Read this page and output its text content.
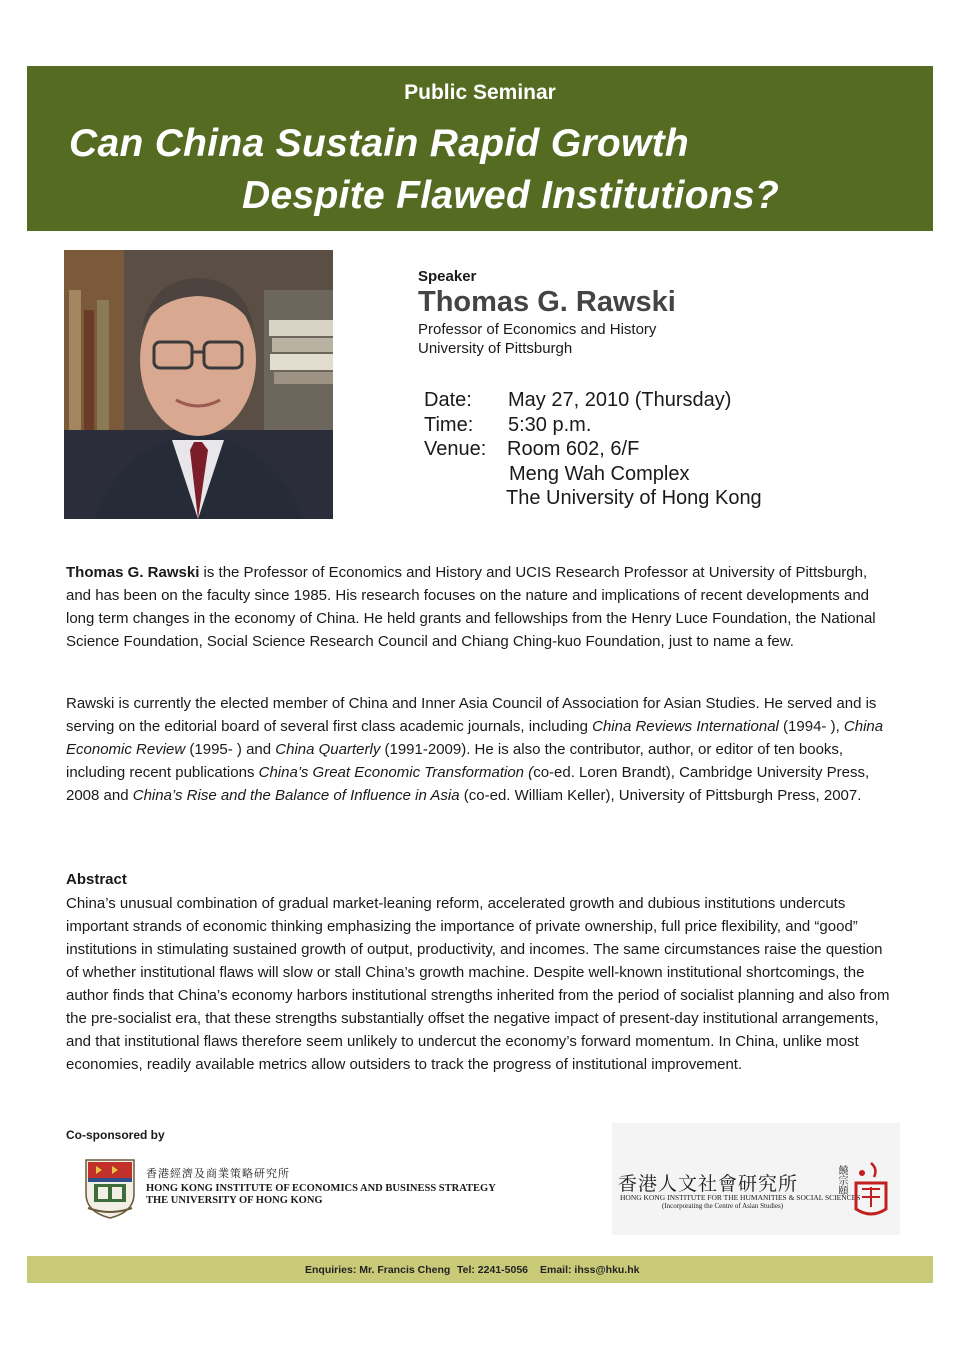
Public Seminar
Can China Sustain Rapid Growth
Despite Flawed Institutions?
Speaker
Thomas G. Rawski
Professor of Economics and History
University of Pittsburgh
Date: May 27, 2010 (Thursday)
Time: 5:30 p.m.
Venue: Room 602, 6/F
Meng Wah Complex
The University of Hong Kong
Thomas G. Rawski is the Professor of Economics and History and UCIS Research Professor at University of Pittsburgh, and has been on the faculty since 1985. His research focuses on the nature and implications of recent developments and long term changes in the economy of China. He held grants and fellowships from the Henry Luce Foundation, the National Science Foundation, Social Science Research Council and Chiang Ching-kuo Foundation, just to name a few.
Rawski is currently the elected member of China and Inner Asia Council of Association for Asian Studies. He served and is serving on the editorial board of several first class academic journals, including China Reviews International (1994- ), China Economic Review (1995- ) and China Quarterly (1991-2009). He is also the contributor, author, or editor of ten books, including recent publications China’s Great Economic Transformation (co-ed. Loren Brandt), Cambridge University Press, 2008 and China’s Rise and the Balance of Influence in Asia (co-ed. William Keller), University of Pittsburgh Press, 2007.
Abstract
China’s unusual combination of gradual market-leaning reform, accelerated growth and dubious institutions undercuts important strands of economic thinking emphasizing the importance of private ownership, full price flexibility, and “good” institutions in stimulating sustained growth of output, productivity, and incomes. The same circumstances raise the question of whether institutional flaws will slow or stall China’s growth machine. Despite well-known institutional shortcomings, the author finds that China’s economy harbors institutional strengths inherited from the period of socialist planning and also from the pre-socialist era, that these strengths substantially offset the negative impact of present-day institutional arrangements, and that institutional flaws therefore seem unlikely to undercut the economy’s forward momentum. In China, unlike most economies, readily available metrics allow outsiders to track the progress of institutional improvement.
Co-sponsored by
香港經濟及商業策略研究所
HONG KONG INSTITUTE OF ECONOMICS AND BUSINESS STRATEGY
THE UNIVERSITY OF HONG KONG
香港人文社會研究所	饒宗頤
HONG KONG INSTITUTE FOR THE HUMANITIES & SOCIAL SCIENCES
(Incorporating the Centre of Asian Studies)
Enquiries: Mr. Francis Cheng Tel: 2241-5056 Email: ihss@hku.hk
